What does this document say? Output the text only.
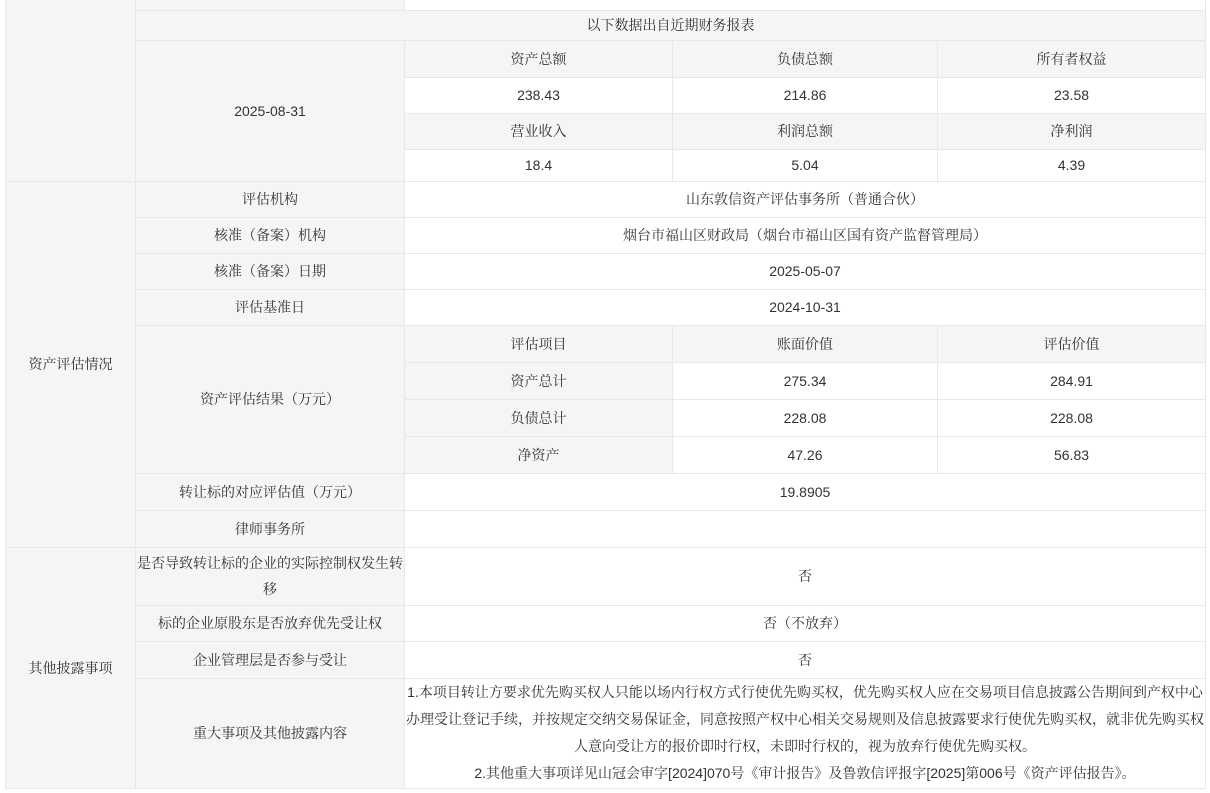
	以下数据出自近期财务报表			
	2025-08-31	资产总额	负债总额	所有者权益
		238.43	214.86	23.58
		营业收入	利润总额	净利润
		18.4	5.04	4.39
资产评估情况	评估机构	山东敦信资产评估事务所（普通合伙）		
	核准（备案）机构	烟台市福山区财政局（烟台市福山区国有资产监督管理局）		
	核准（备案）日期	2025-05-07		
	评估基准日	2024-10-31		
	资产评估结果（万元）	评估项目	账面价值	评估价值
		资产总计	275.34	284.91
		负债总计	228.08	228.08
		净资产	47.26	56.83
	转让标的对应评估值（万元）	19.8905		
	律师事务所			
其他披露事项	是否导致转让标的企业的实际控制权发生转移	否		
	标的企业原股东是否放弃优先受让权	否（不放弃）		
	企业管理层是否参与受让	否		
	重大事项及其他披露内容	1.本项目转让方要求优先购买权人只能以场内行权方式行使优先购买权，优先购买权人应在交易项目信息披露公告期间到产权中心办理受让登记手续，并按规定交纳交易保证金，同意按照产权中心相关交易规则及信息披露要求行使优先购买权，就非优先购买权人意向受让方的报价即时行权，未即时行权的，视为放弃行使优先购买权。
2.其他重大事项详见山冠会审字[2024]070号《审计报告》及鲁敦信评报字[2025]第006号《资产评估报告》。		
